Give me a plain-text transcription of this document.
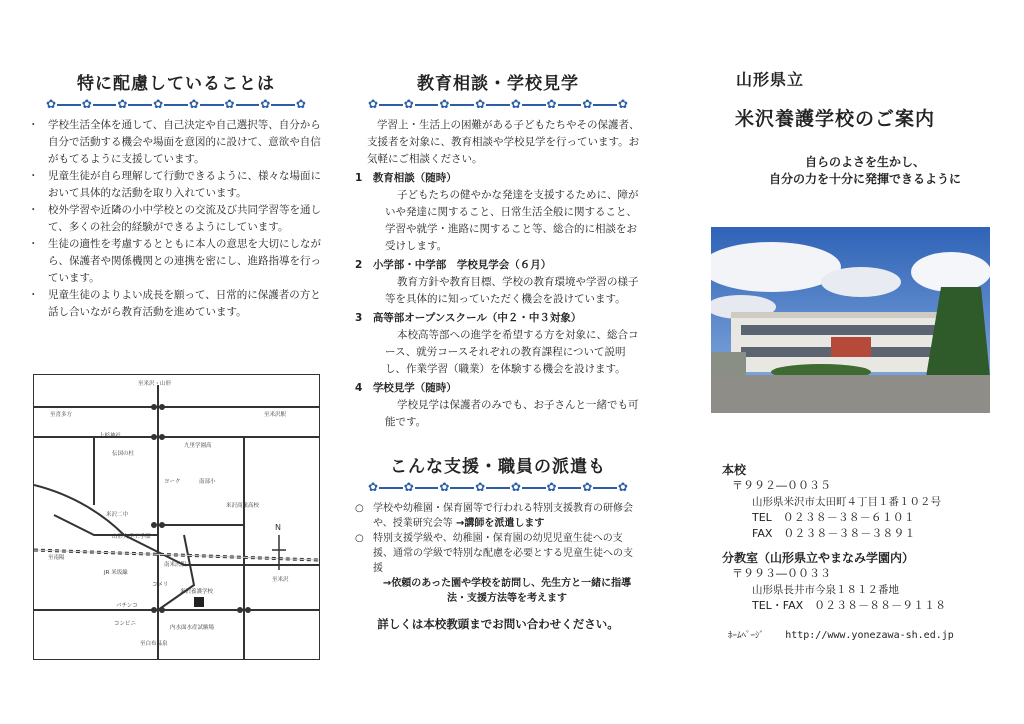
特に配慮していることは
✿ ✿ ✿ ✿ ✿ ✿ ✿ ✿
・ 学校生活全体を通して、自己決定や自己選択等、自分から自分で活動する機会や場面を意図的に設けて、意欲や自信がもてるように支援しています。
・ 児童生徒が自ら理解して行動できるように、様々な場面において具体的な活動を取り入れています。
・ 校外学習や近隣の小中学校との交流及び共同学習等を通して、多くの社会的経験ができるようにしています。
・ 生徒の適性を考慮するとともに本人の意思を大切にしながら、保護者や関係機関との連携を密にし、進路指導を行っています。
・ 児童生徒のよりよい成長を願って、日常的に保護者の方と話し合いながら教育活動を進めています。
至米沢・山形
至喜多方	至米沢駅
上杉神社
伝国の杜
九里学園高
ヨーク	南部小
米沢商業高校
米沢二中
山形大学工学部
至南陽
JR 米坂線
南米沢駅
コメリ
米沢養護学校
パチンコ
コンビニ
内水面水産試験場
至白布温泉
至米沢
N
教育相談・学校見学
✿ ✿ ✿ ✿ ✿ ✿ ✿ ✿
学習上・生活上の困難がある子どもたちやその保護者、支援者を対象に、教育相談や学校見学を行っています。お気軽にご相談ください。
1　 教育相談（随時）
子どもたちの健やかな発達を支援するために、障がいや発達に関すること、日常生活全般に関すること、学習や就学・進路に関すること等、総合的に相談をお受けします。
2　 小学部・中学部　学校見学会（６月）
教育方針や教育目標、学校の教育環境や学習の様子等を具体的に知っていただく機会を設けています。
3　 高等部オープンスクール（中２・中３対象）
本校高等部への進学を希望する方を対象に、総合コース、就労コースそれぞれの教育課程について説明し、作業学習（職業）を体験する機会を設けます。
4　 学校見学（随時）
学校見学は保護者のみでも、お子さんと一緒でも可能です。
こんな支援・職員の派遣も
✿ ✿ ✿ ✿ ✿ ✿ ✿ ✿
○ 学校や幼稚園・保育園等で行われる特別支援教育の研修会や、授業研究会等 →講師を派遣します
○ 特別支援学級や、幼稚園・保育園の幼児児童生徒への支援、通常の学級で特別な配慮を必要とする児童生徒への支援
→依頼のあった園や学校を訪問し、先生方と一緒に指導法・支援方法等を考えます
詳しくは本校教頭までお問い合わせください。
山形県立
米沢養護学校のご案内
自らのよさを生かし、
自分の力を十分に発揮できるように
本校
〒９９２―００３５
山形県米沢市太田町４丁目１番１０２号
TEL　０２３８－３８－６１０１
FAX　０２３８－３８－３８９１
分教室（山形県立やまなみ学園内）
〒９９３―００３３
山形県長井市今泉１８１２番地
TEL・FAX　０２３８－８８－９１１８
ﾎｰﾑﾍﾟｰｼﾞ http://www.yonezawa-sh.ed.jp
